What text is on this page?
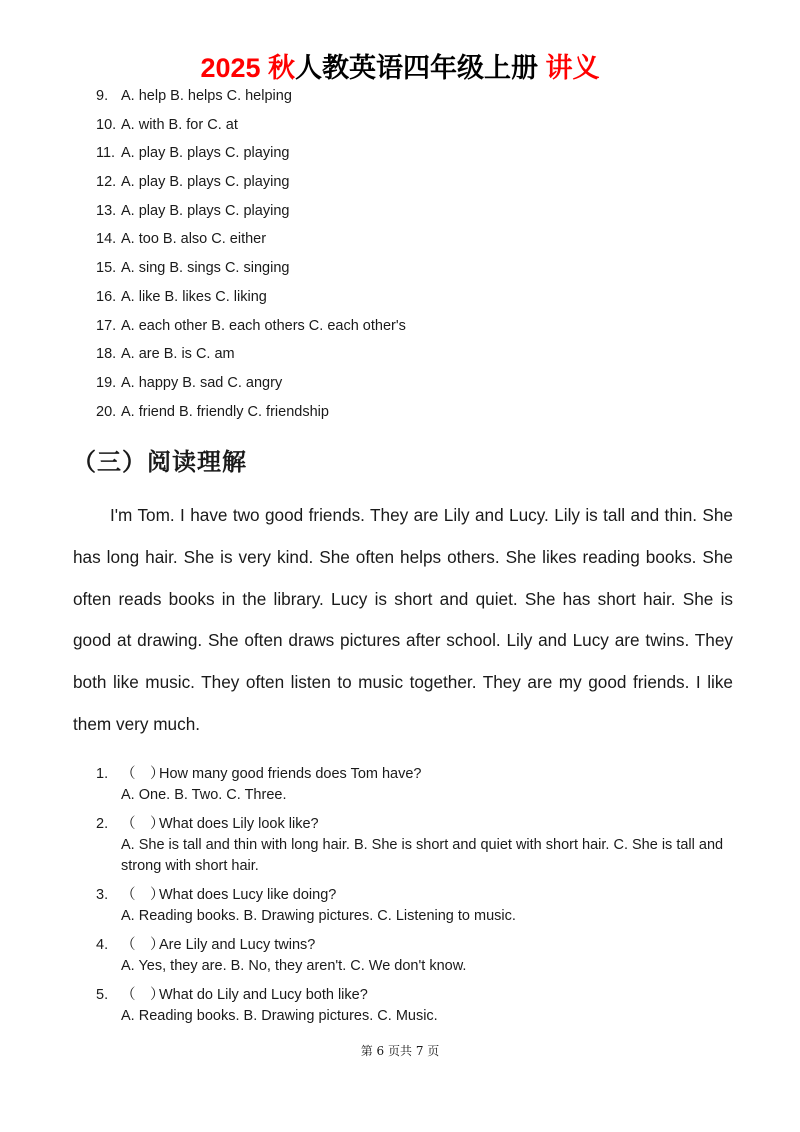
2025 秋人教英语四年级上册 讲义
9. A. help B. helps C. helping
10. A. with B. for C. at
11. A. play B. plays C. playing
12. A. play B. plays C. playing
13. A. play B. plays C. playing
14. A. too B. also C. either
15. A. sing B. sings C. singing
16. A. like B. likes C. liking
17. A. each other B. each others C. each other's
18. A. are B. is C. am
19. A. happy B. sad C. angry
20. A. friend B. friendly C. friendship
（三）阅读理解

I'm Tom. I have two good friends. They are Lily and Lucy. Lily is tall and thin. She has long hair. She is very kind. She often helps others. She likes reading books. She often reads books in the library. Lucy is short and quiet. She has short hair. She is good at drawing. She often draws pictures after school. Lily and Lucy are twins. They both like music. They often listen to music together. They are my good friends. I like them very much.

1. （　）How many good friends does Tom have?
A. One. B. Two. C. Three.
2. （　）What does Lily look like?
A. She is tall and thin with long hair. B. She is short and quiet with short hair. C. She is tall and strong with short hair.
3. （　）What does Lucy like doing?
A. Reading books. B. Drawing pictures. C. Listening to music.
4. （　）Are Lily and Lucy twins?
A. Yes, they are. B. No, they aren't. C. We don't know.
5. （　）What do Lily and Lucy both like?
A. Reading books. B. Drawing pictures. C. Music.
第 6 页共 7 页
